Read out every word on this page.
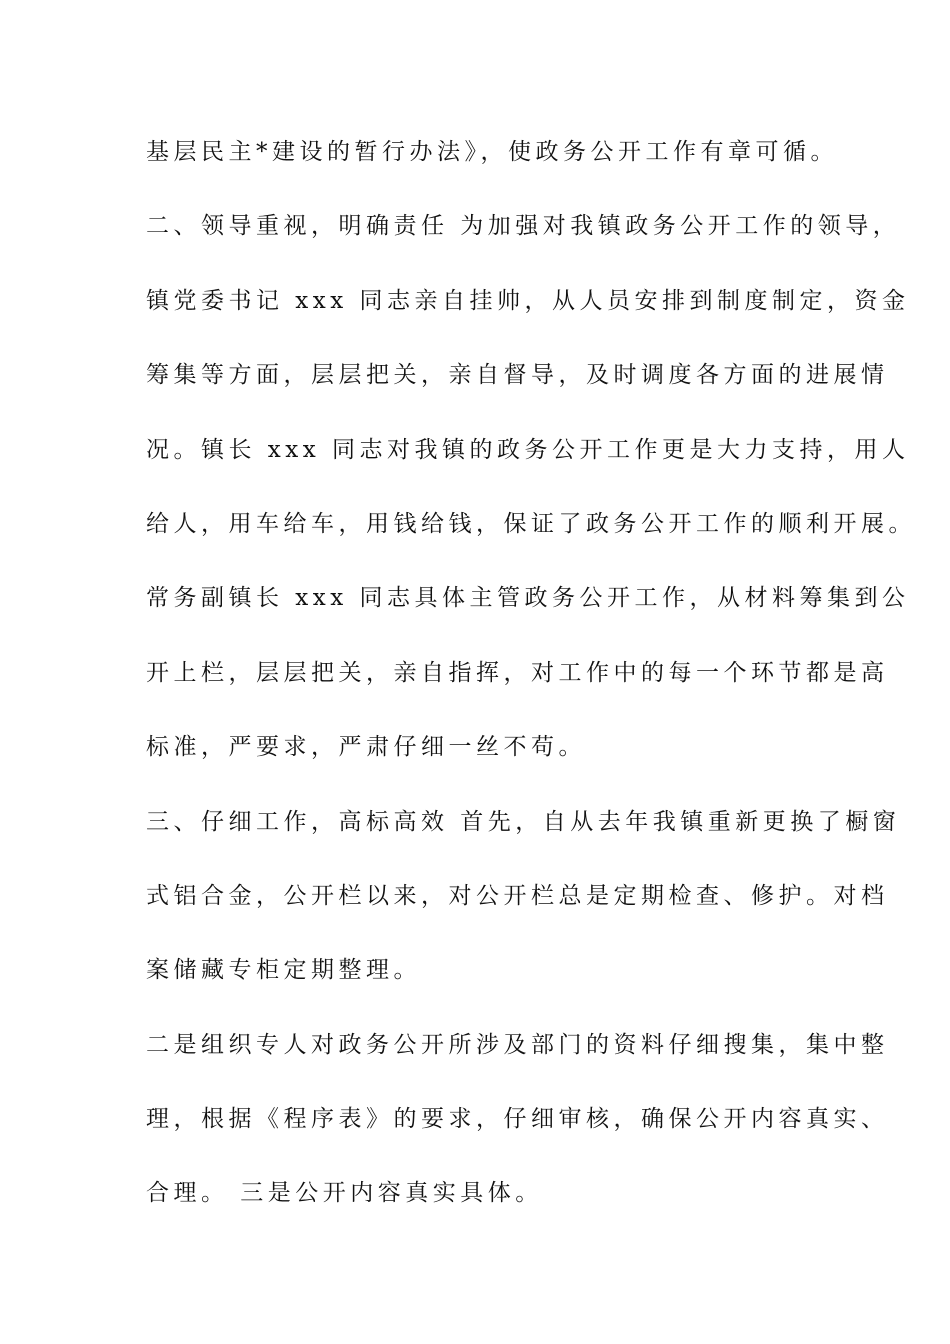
基层民主*建设的暂行办法》，使政务公开工作有章可循。
二、领导重视，明确责任 为加强对我镇政务公开工作的领导，
镇党委书记 xxx 同志亲自挂帅，从人员安排到制度制定，资金
筹集等方面，层层把关，亲自督导，及时调度各方面的进展情
况。镇长 xxx 同志对我镇的政务公开工作更是大力支持，用人
给人，用车给车，用钱给钱，保证了政务公开工作的顺利开展。
常务副镇长 xxx 同志具体主管政务公开工作，从材料筹集到公
开上栏，层层把关，亲自指挥，对工作中的每一个环节都是高
标准，严要求，严肃仔细一丝不苟。
三、仔细工作，高标高效 首先，自从去年我镇重新更换了橱窗
式铝合金，公开栏以来，对公开栏总是定期检查、修护。对档
案储藏专柜定期整理。
二是组织专人对政务公开所涉及部门的资料仔细搜集，集中整
理，根据《程序表》的要求，仔细审核，确保公开内容真实、
合理。 三是公开内容真实具体。
